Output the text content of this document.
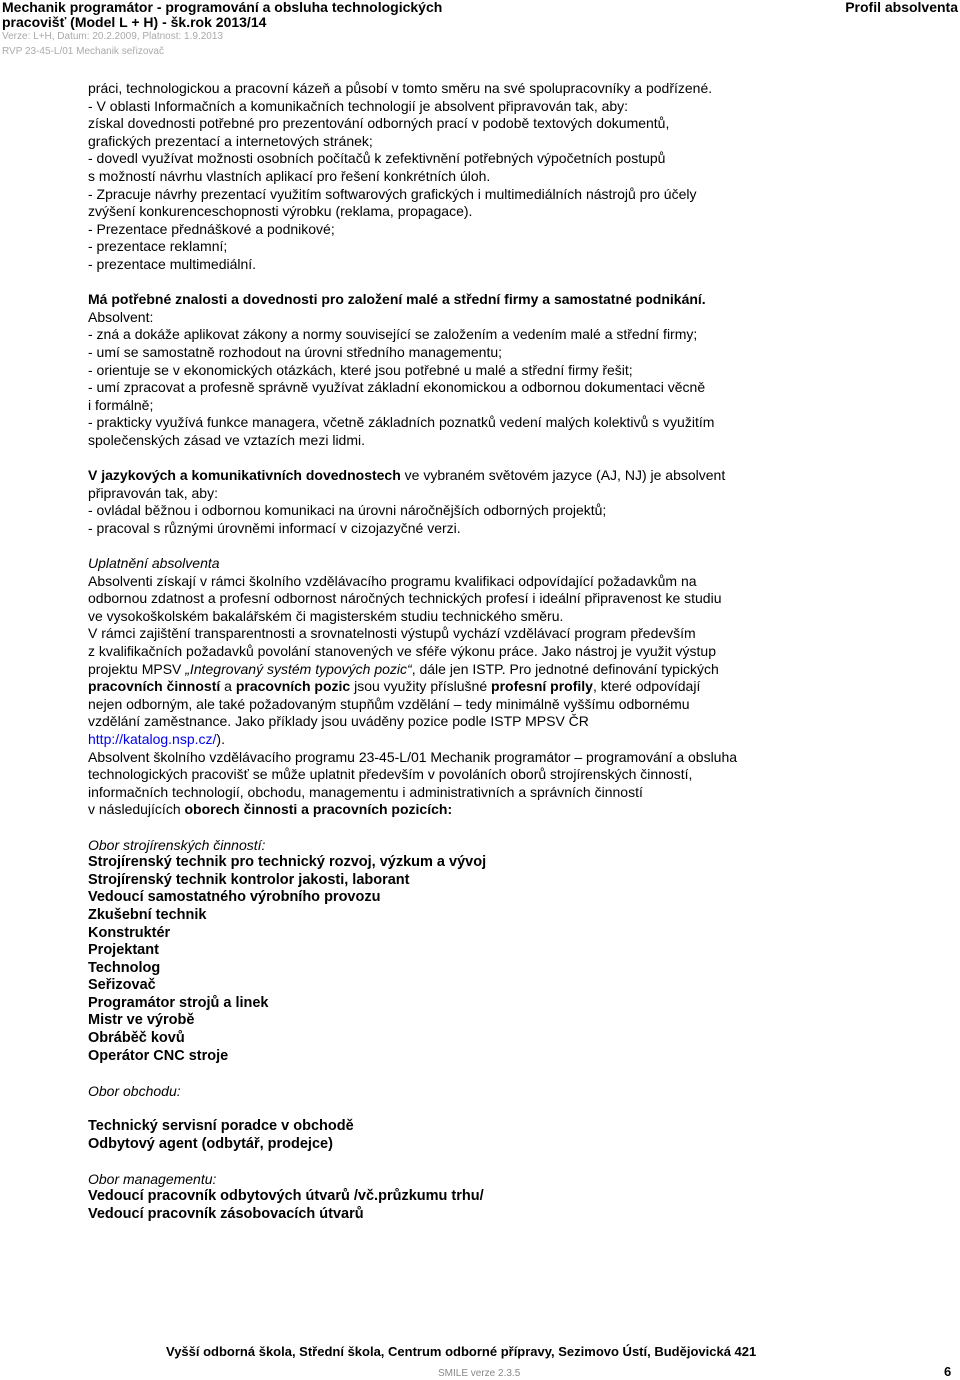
Mechanik programátor - programování a obsluha technologických
pracovišť (Model L + H) - šk.rok 2013/14
Verze: L+H, Datum: 20.2.2009, Platnost: 1.9.2013
RVP 23-45-L/01 Mechanik seřizovač
Profil absolventa
práci, technologickou a pracovní kázeň a působí v tomto směru na své spolupracovníky a podřízené.
- V oblasti Informačních a komunikačních technologií je absolvent připravován tak, aby:
získal dovednosti potřebné pro prezentování odborných prací v podobě textových dokumentů,
grafických prezentací a internetových stránek;
- dovedl využívat možnosti osobních počítačů k zefektivnění potřebných výpočetních postupů
s možností návrhu vlastních aplikací pro řešení konkrétních úloh.
- Zpracuje návrhy prezentací využitím softwarových grafických i multimediálních nástrojů pro účely
zvýšení konkurenceschopnosti výrobku (reklama, propagace).
- Prezentace přednáškové a podnikové;
- prezentace reklamní;
- prezentace multimediální.
Má potřebné znalosti a dovednosti pro založení malé a střední firmy a samostatné podnikání.
Absolvent:
- zná a dokáže aplikovat zákony a normy související se založením a vedením malé a střední firmy;
- umí se samostatně rozhodout na úrovni středního managementu;
- orientuje se v ekonomických otázkách, které jsou potřebné u malé a střední firmy řešit;
- umí zpracovat a profesně správně využívat základní ekonomickou a odbornou dokumentaci věcně
i formálně;
- prakticky využívá funkce managera, včetně základních poznatků vedení malých kolektivů s využitím
společenských zásad ve vztazích mezi lidmi.
V jazykových a komunikativních dovednostech ve vybraném světovém jazyce (AJ, NJ) je absolvent
připravován tak, aby:
- ovládal běžnou i odbornou komunikaci na úrovni náročnějších odborných projektů;
- pracoval s různými úrovněmi informací v cizojazyčné verzi.
Uplatnění absolventa
Absolventi získají v rámci školního vzdělávacího programu kvalifikaci odpovídající požadavkům na
odbornou zdatnost a profesní odbornost náročných technických profesí i ideální připravenost ke studiu
ve vysokoškolském bakalářském či magisterském studiu technického směru.
V rámci zajištění transparentnosti a srovnatelnosti výstupů vychází vzdělávací program především
z kvalifikačních požadavků povolání stanovených ve sféře výkonu práce. Jako nástroj je využit výstup
projektu MPSV „Integrovaný systém typových pozic“, dále jen ISTP. Pro jednotné definování typických
pracovních činností a pracovních pozic jsou využity příslušné profesní profily, které odpovídají
nejen odborným, ale také požadovaným stupňům vzdělání – tedy minimálně vyššímu odbornému
vzdělání zaměstnance. Jako příklady jsou uváděny pozice podle ISTP MPSV ČR
http://katalog.nsp.cz/).
Absolvent školního vzdělávacího programu 23-45-L/01 Mechanik programátor – programování a obsluha
technologických pracovišť se může uplatnit především v povoláních oborů strojírenských činností,
informačních technologií, obchodu, managementu i administrativních a správních činností
v následujících oborech činnosti a pracovních pozicích:
Obor strojírenských činností:
Strojírenský technik pro technický rozvoj, výzkum a vývoj
Strojírenský technik kontrolor jakosti, laborant
Vedoucí samostatného výrobního provozu
Zkušební technik
Konstruktér
Projektant
Technolog
Seřizovač
Programátor strojů a linek
Mistr ve výrobě
Obráběč kovů
Operátor CNC stroje
Obor obchodu:
Technický servisní poradce v obchodě
Odbytový agent (odbytář, prodejce)
Obor managementu:
Vedoucí pracovník odbytových útvarů /vč.průzkumu trhu/
Vedoucí pracovník zásobovacích útvarů
Vyšší odborná škola, Střední škola, Centrum odborné přípravy, Sezimovo Ústí, Budějovická 421
SMILE verze 2.3.5	6
